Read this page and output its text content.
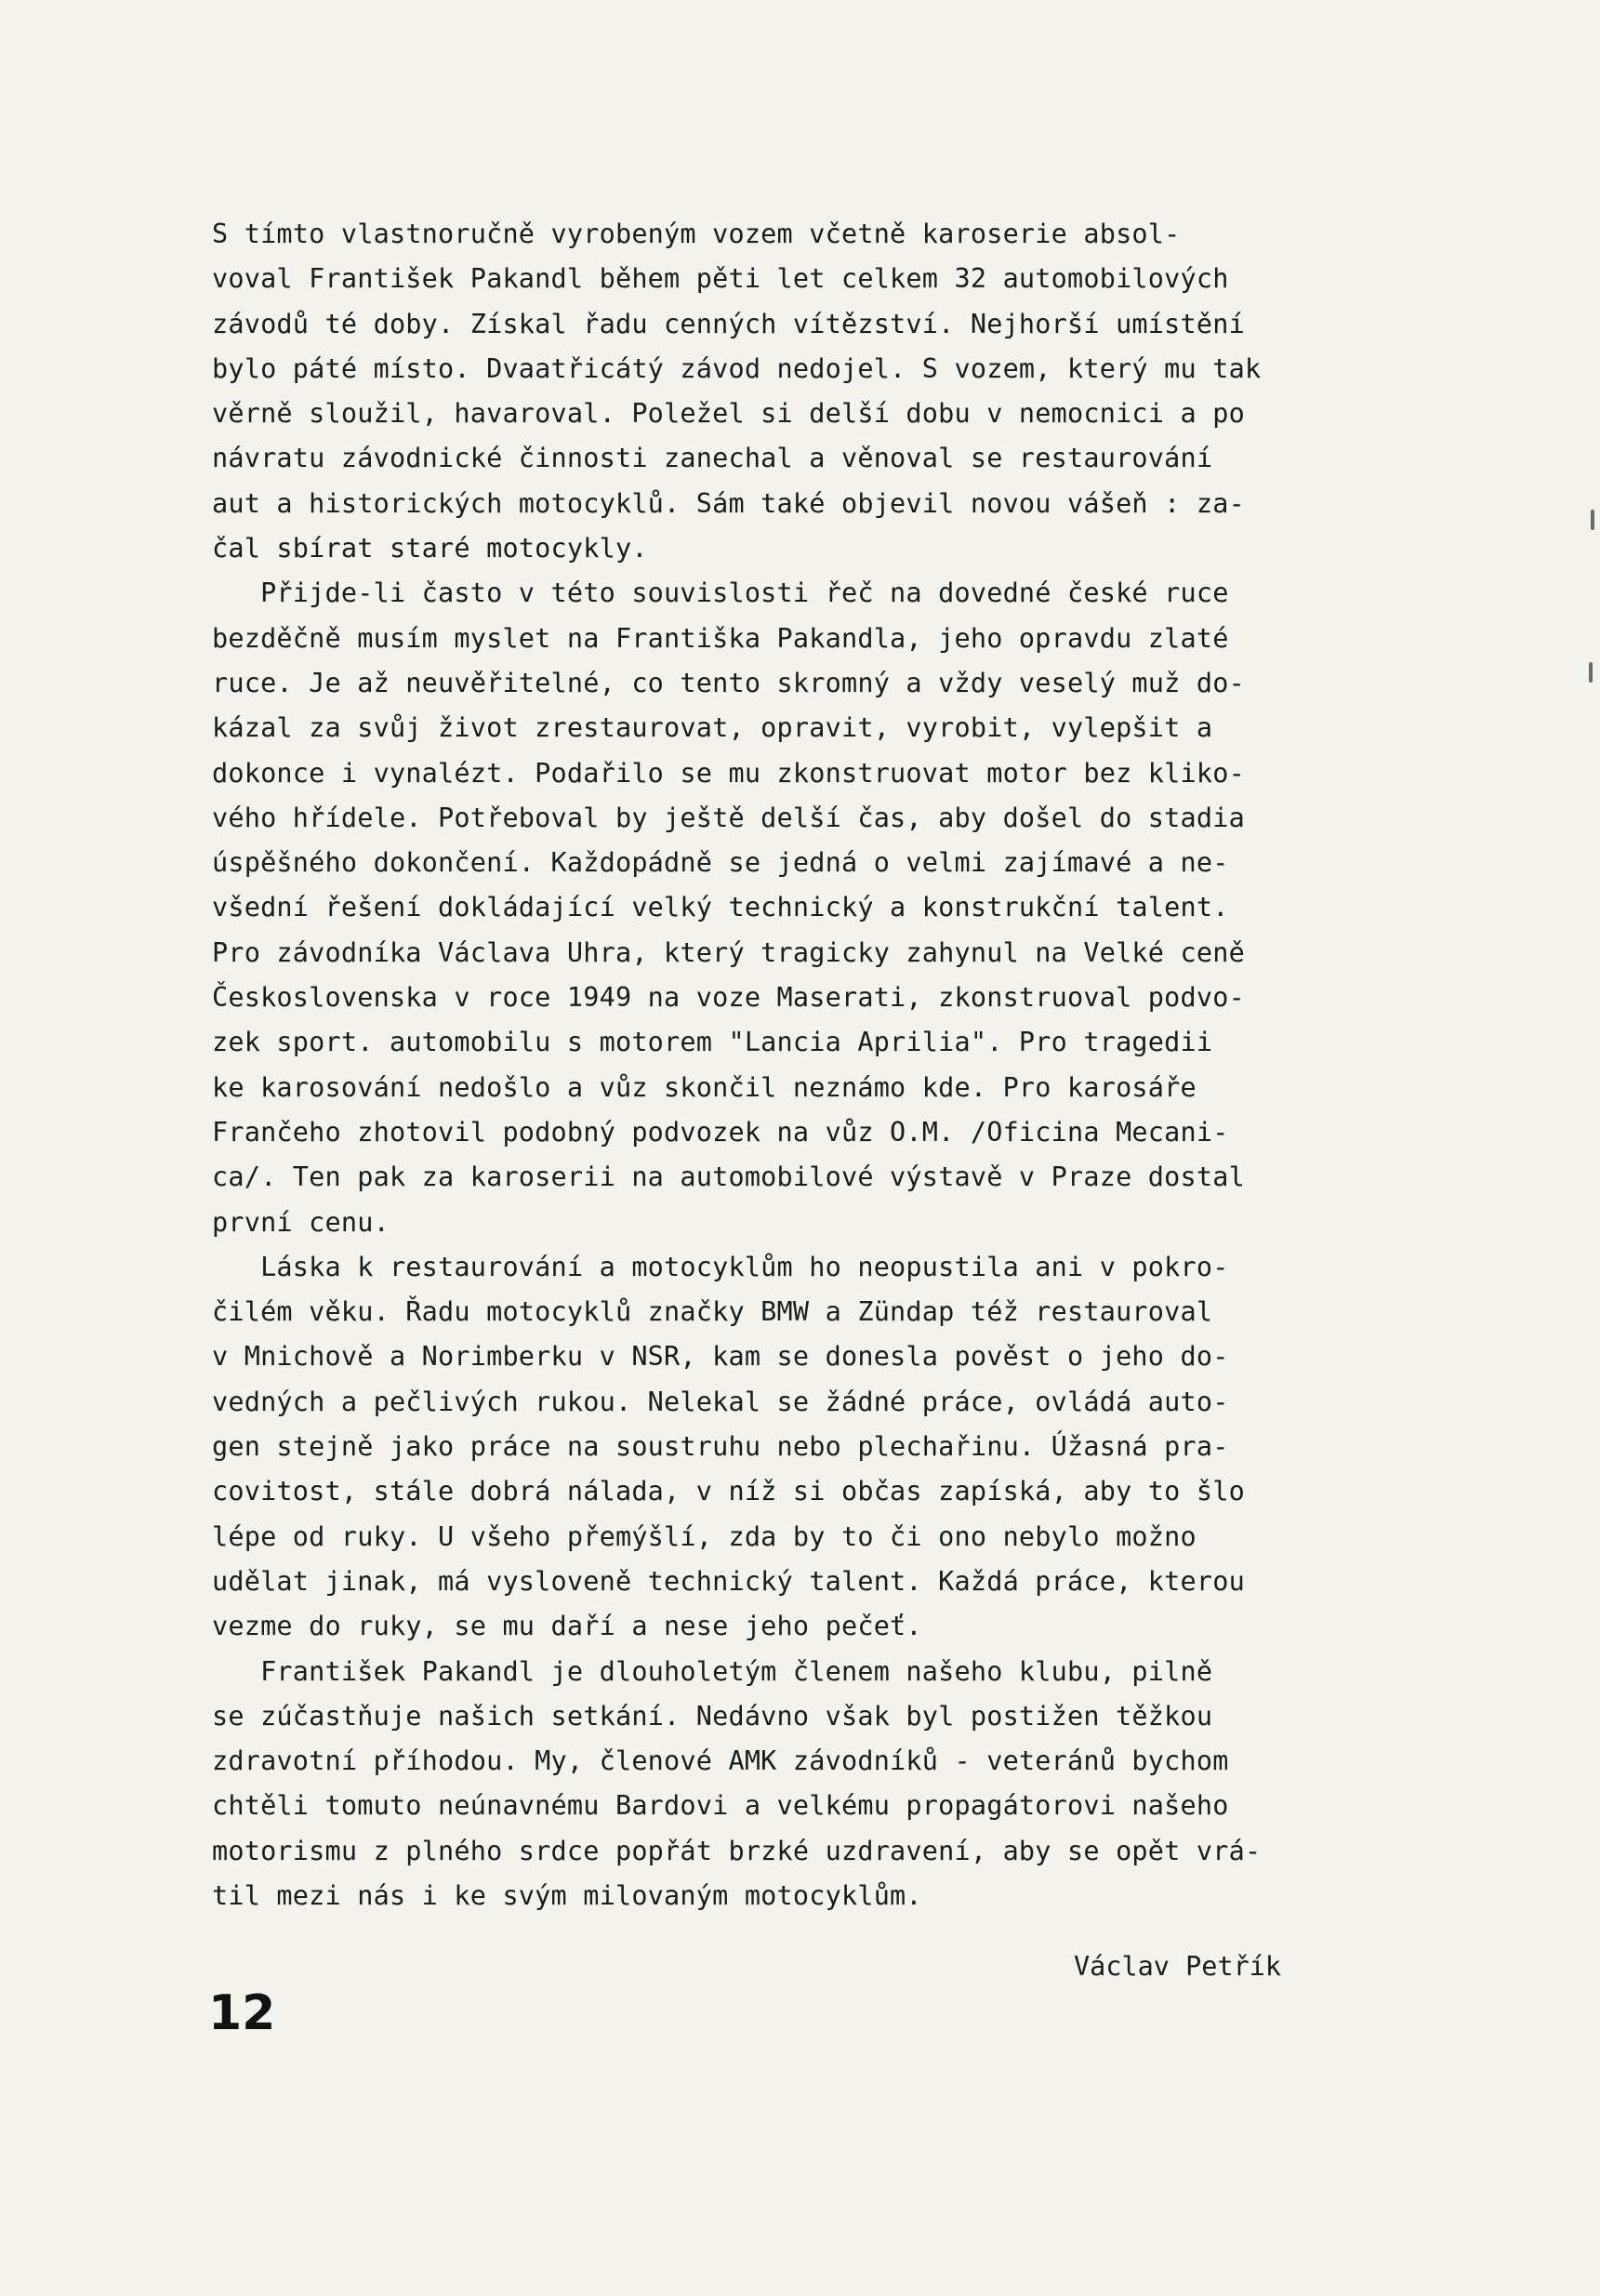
S tímto vlastnoručně vyrobeným vozem včetně karoserie absol-
voval František Pakandl během pěti let celkem 32 automobilových
závodů té doby. Získal řadu cenných vítězství. Nejhorší umístění
bylo páté místo. Dvaatřicátý závod nedojel. S vozem, který mu tak
věrně sloužil, havaroval. Poležel si delší dobu v nemocnici a po
návratu závodnické činnosti zanechal a věnoval se restaurování
aut a historických motocyklů. Sám také objevil novou vášeň : za-
čal sbírat staré motocykly.
Přijde-li často v této souvislosti řeč na dovedné české ruce
bezděčně musím myslet na Františka Pakandla, jeho opravdu zlaté
ruce. Je až neuvěřitelné, co tento skromný a vždy veselý muž do-
kázal za svůj život zrestaurovat, opravit, vyrobit, vylepšit a
dokonce i vynalézt. Podařilo se mu zkonstruovat motor bez kliko-
vého hřídele. Potřeboval by ještě delší čas, aby došel do stadia
úspěšného dokončení. Každopádně se jedná o velmi zajímavé a ne-
všední řešení dokládající velký technický a konstrukční talent.
Pro závodníka Václava Uhra, který tragicky zahynul na Velké ceně
Československa v roce 1949 na voze Maserati, zkonstruoval podvo-
zek sport. automobilu s motorem "Lancia Aprilia". Pro tragedii
ke karosování nedošlo a vůz skončil neznámo kde. Pro karosáře
Frančeho zhotovil podobný podvozek na vůz O.M. /Oficina Mecani-
ca/. Ten pak za karoserii na automobilové výstavě v Praze dostal
první cenu.
Láska k restaurování a motocyklům ho neopustila ani v pokro-
čilém věku. Řadu motocyklů značky BMW a Zündap též restauroval
v Mnichově a Norimberku v NSR, kam se donesla pověst o jeho do-
vedných a pečlivých rukou. Nelekal se žádné práce, ovládá auto-
gen stejně jako práce na soustruhu nebo plechařinu. Úžasná pra-
covitost, stále dobrá nálada, v níž si občas zapíská, aby to šlo
lépe od ruky. U všeho přemýšlí, zda by to či ono nebylo možno
udělat jinak, má vysloveně technický talent. Každá práce, kterou
vezme do ruky, se mu daří a nese jeho pečeť.
František Pakandl je dlouholetým členem našeho klubu, pilně
se zúčastňuje našich setkání. Nedávno však byl postižen těžkou
zdravotní příhodou. My, členové AMK závodníků - veteránů bychom
chtěli tomuto neúnavnému Bardovi a velkému propagátorovi našeho
motorismu z plného srdce popřát brzké uzdravení, aby se opět vrá-
til mezi nás i ke svým milovaným motocyklům.
Václav Petřík
12
